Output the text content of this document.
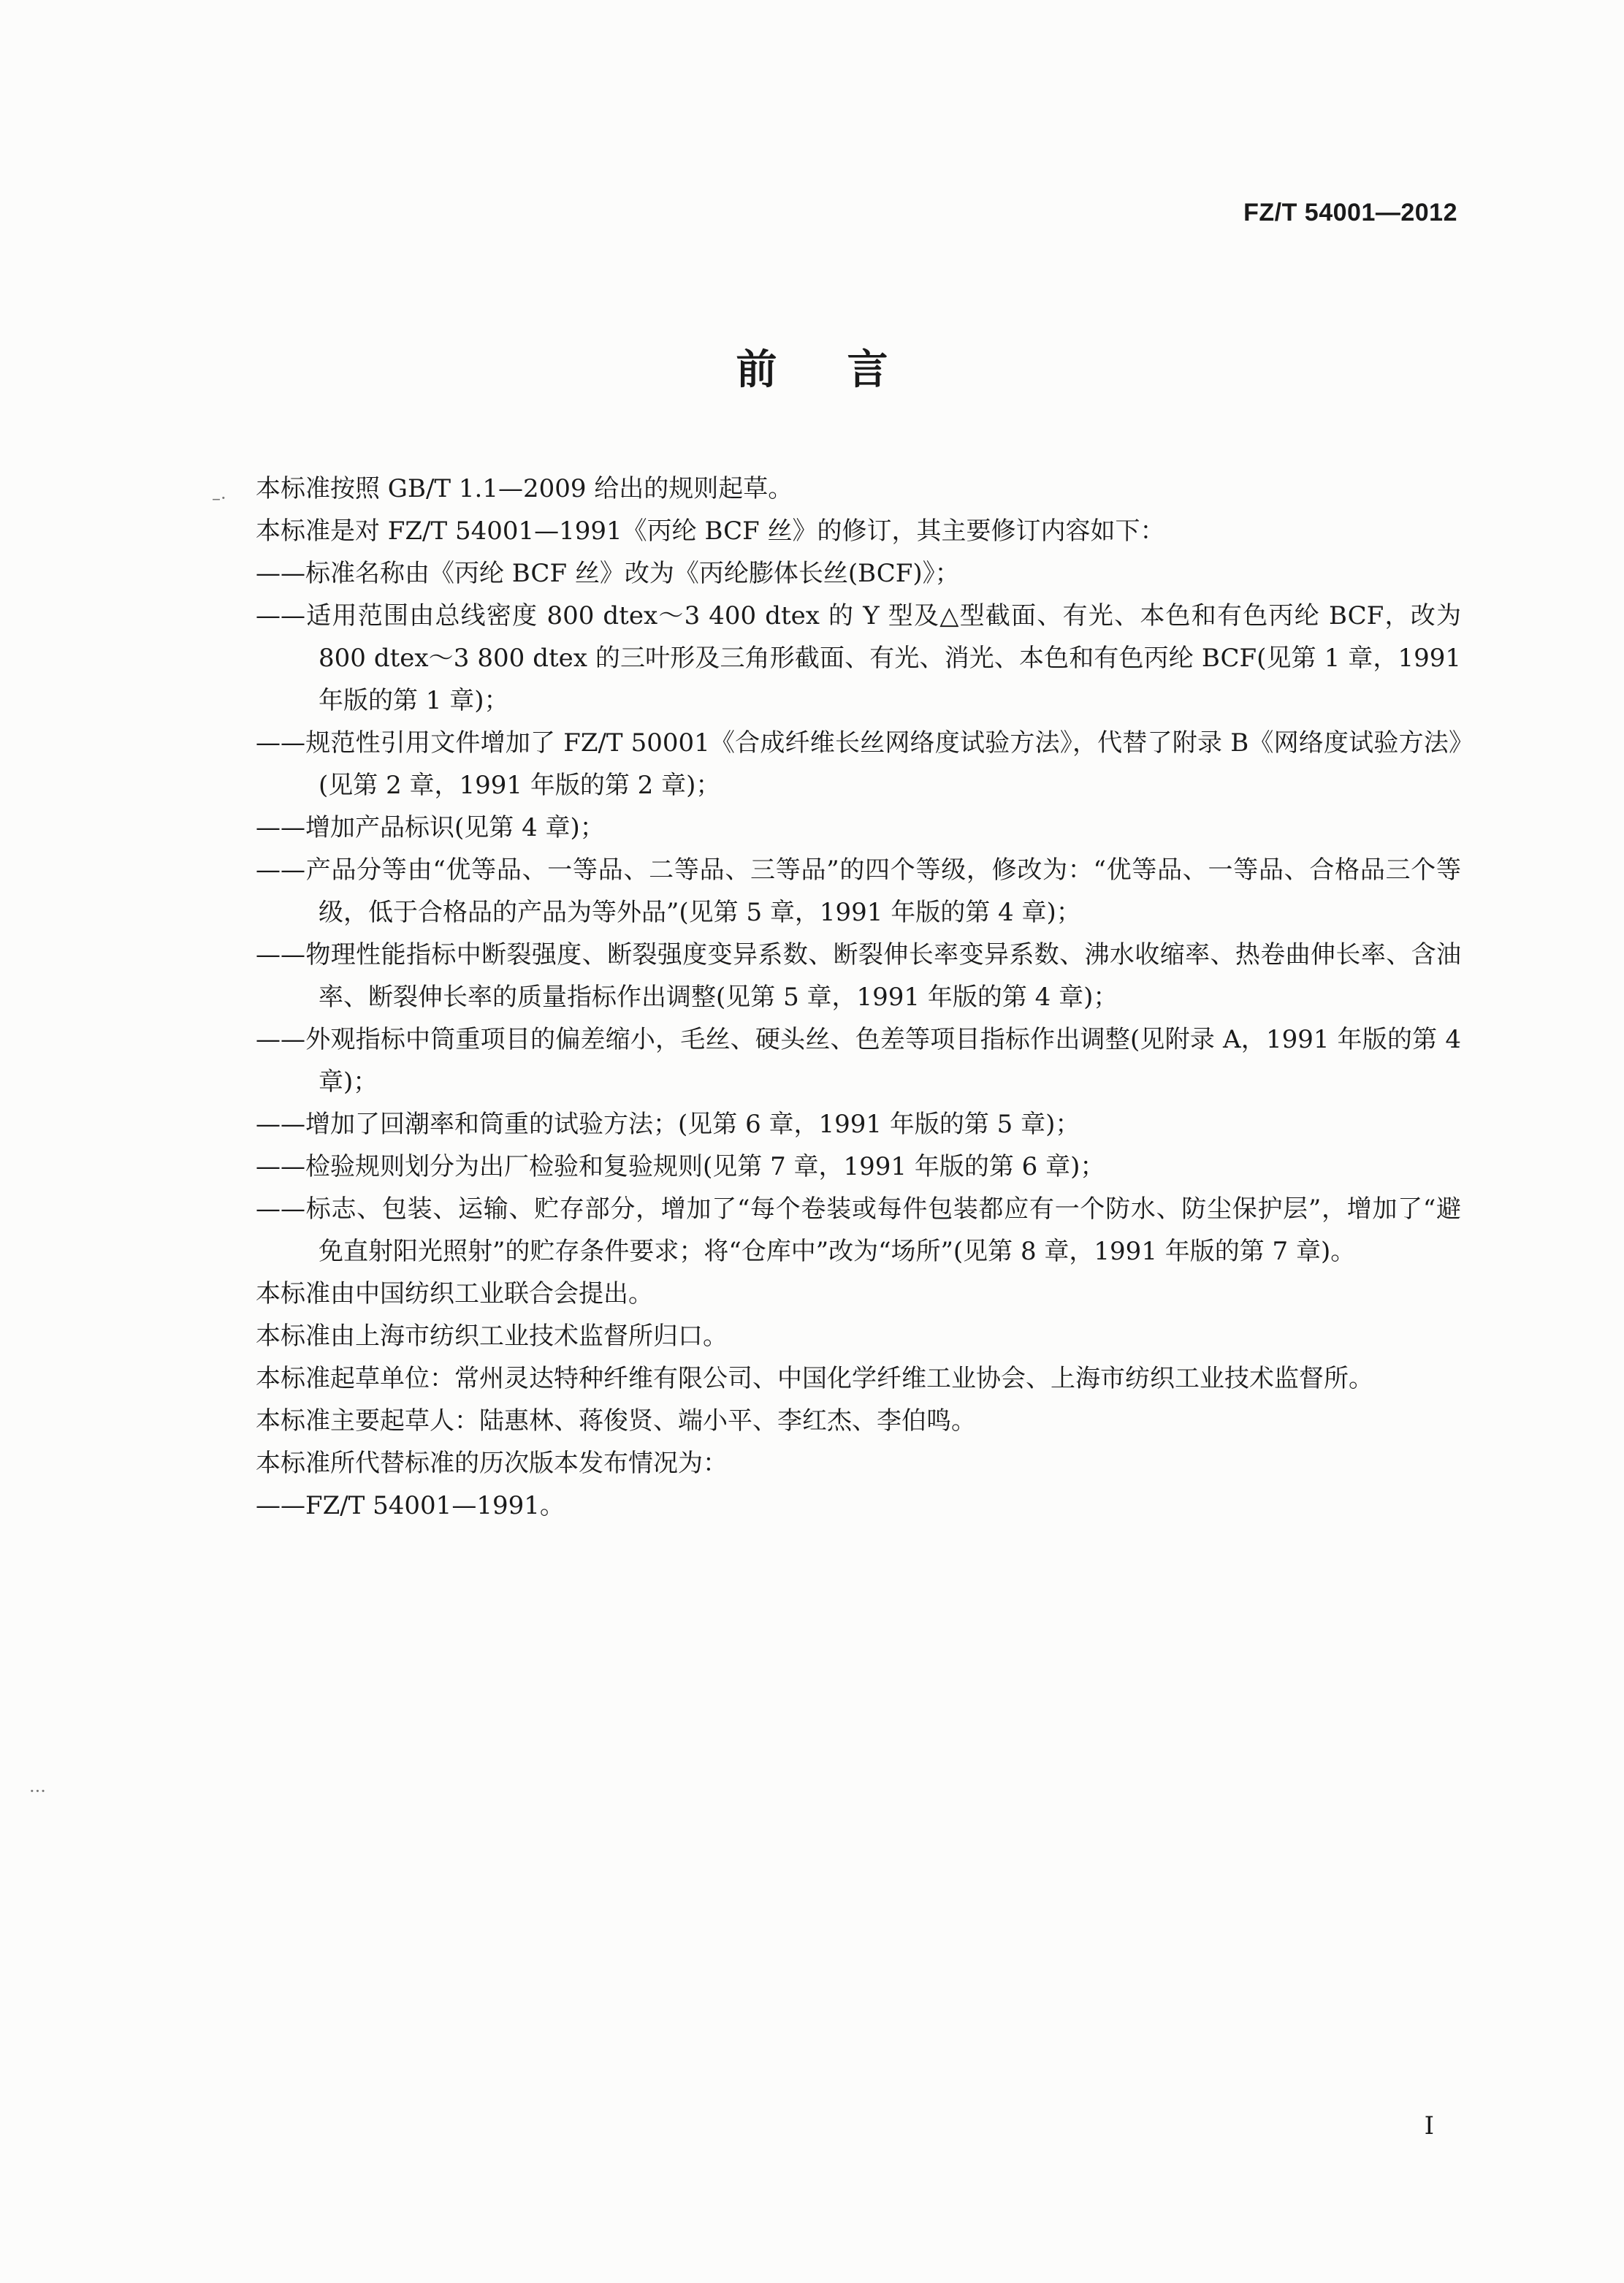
FZ/T 54001—2012
前言
–·
···

本标准按照 GB/T 1.1—2009 给出的规则起草。

本标准是对 FZ/T 54001—1991《丙纶 BCF 丝》的修订，其主要修订内容如下：

——标准名称由《丙纶 BCF 丝》改为《丙纶膨体长丝(BCF)》；

——适用范围由总线密度 800 dtex～3 400 dtex 的 Y 型及△型截面、有光、本色和有色丙纶 BCF，改为 800 dtex～3 800 dtex 的三叶形及三角形截面、有光、消光、本色和有色丙纶 BCF(见第 1 章，1991 年版的第 1 章)；

——规范性引用文件增加了 FZ/T 50001《合成纤维长丝网络度试验方法》，代替了附录 B《网络度试验方法》(见第 2 章，1991 年版的第 2 章)；

——增加产品标识(见第 4 章)；

——产品分等由“优等品、一等品、二等品、三等品”的四个等级，修改为：“优等品、一等品、合格品三个等级，低于合格品的产品为等外品”(见第 5 章，1991 年版的第 4 章)；

——物理性能指标中断裂强度、断裂强度变异系数、断裂伸长率变异系数、沸水收缩率、热卷曲伸长率、含油率、断裂伸长率的质量指标作出调整(见第 5 章，1991 年版的第 4 章)；

——外观指标中筒重项目的偏差缩小，毛丝、硬头丝、色差等项目指标作出调整(见附录 A，1991 年版的第 4 章)；

——增加了回潮率和筒重的试验方法；(见第 6 章，1991 年版的第 5 章)；

——检验规则划分为出厂检验和复验规则(见第 7 章，1991 年版的第 6 章)；

——标志、包装、运输、贮存部分，增加了“每个卷装或每件包装都应有一个防水、防尘保护层”，增加了“避免直射阳光照射”的贮存条件要求；将“仓库中”改为“场所”(见第 8 章，1991 年版的第 7 章)。

本标准由中国纺织工业联合会提出。

本标准由上海市纺织工业技术监督所归口。

本标准起草单位：常州灵达特种纤维有限公司、中国化学纤维工业协会、上海市纺织工业技术监督所。

本标准主要起草人：陆惠林、蒋俊贤、端小平、李红杰、李伯鸣。

本标准所代替标准的历次版本发布情况为：

——FZ/T 54001—1991。

I
